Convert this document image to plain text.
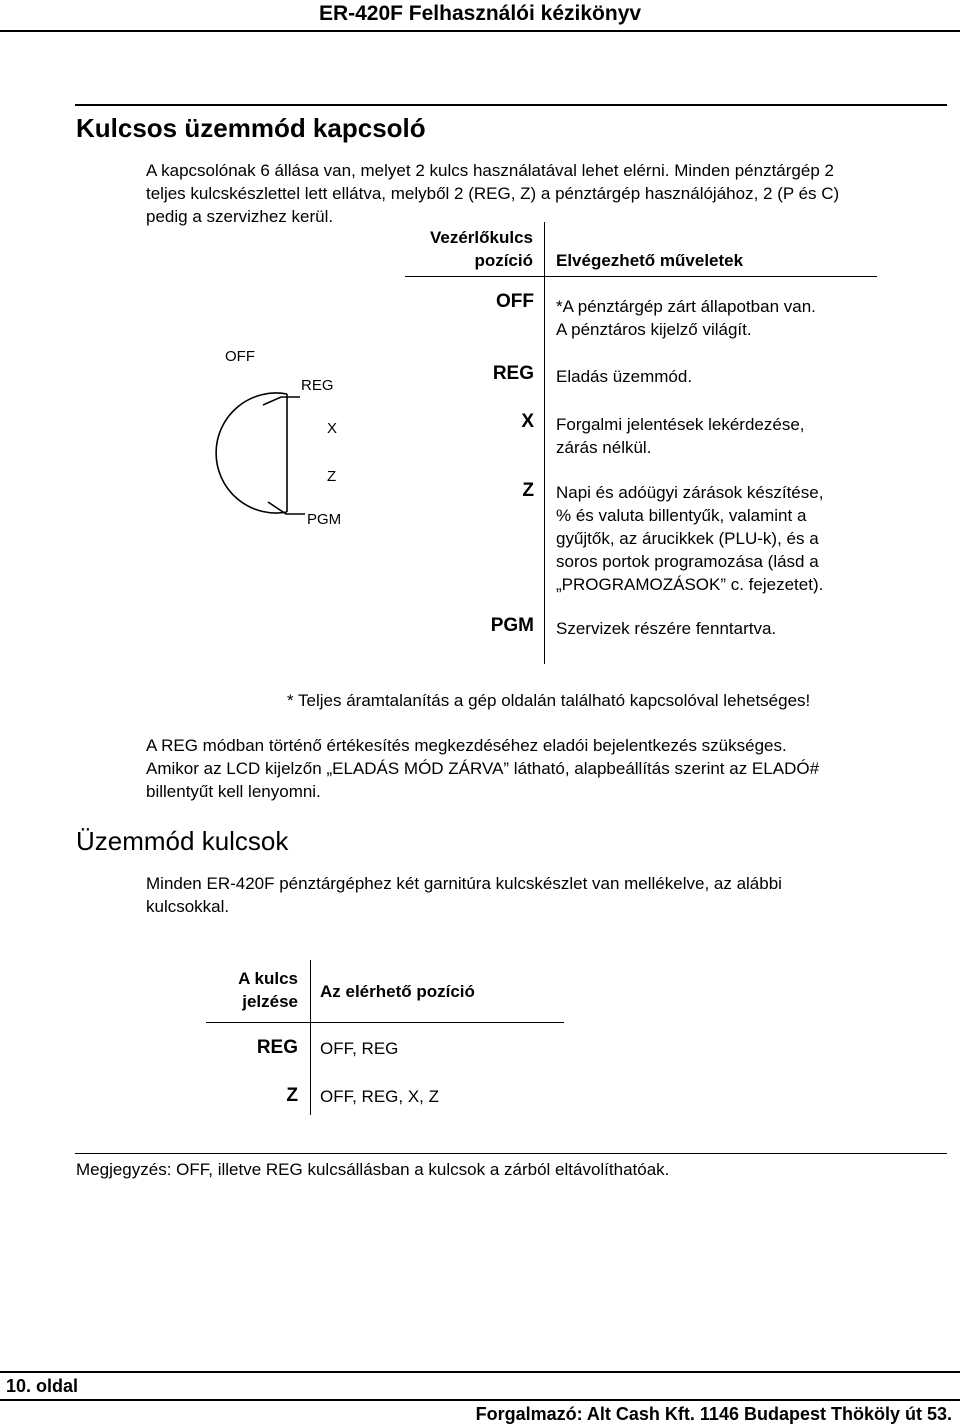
ER-420F Felhasználói kézikönyv
Kulcsos üzemmód kapcsoló
A kapcsolónak 6 állása van, melyet 2 kulcs használatával lehet elérni. Minden pénztárgép 2
teljes kulcskészlettel lett ellátva, melyből 2 (REG, Z) a pénztárgép használójához, 2 (P és C)
pedig a szervizhez kerül.
Vezérlőkulcs
pozíció Elvégezhető műveletek
OFF *A pénztárgép zárt állapotban van.
A pénztáros kijelző világít.
REG Eladás üzemmód.
X Forgalmi jelentések lekérdezése,
zárás nélkül.
Z Napi és adóügyi zárások készítése,
% és valuta billentyűk, valamint a
gyűjtők, az árucikkek (PLU-k), és a
soros portok programozása (lásd a
„PROGRAMOZÁSOK” c. fejezetet).
PGM Szervizek részére fenntartva.
OFF
REG
X
Z
PGM
* Teljes áramtalanítás a gép oldalán található kapcsolóval lehetséges!
A REG módban történő értékesítés megkezdéséhez eladói bejelentkezés szükséges.
Amikor az LCD kijelzőn „ELADÁS MÓD ZÁRVA” látható, alapbeállítás szerint az ELADÓ#
billentyűt kell lenyomni.
Üzemmód kulcsok
Minden ER-420F pénztárgéphez két garnitúra kulcskészlet van mellékelve, az alábbi
kulcsokkal.
A kulcs
jelzése
Az elérhető pozíció
REG OFF, REG
Z OFF, REG, X, Z
Megjegyzés: OFF, illetve REG kulcsállásban a kulcsok a zárból eltávolíthatóak.
10. oldal
Forgalmazó: Alt Cash Kft. 1146 Budapest Thököly út 53.
